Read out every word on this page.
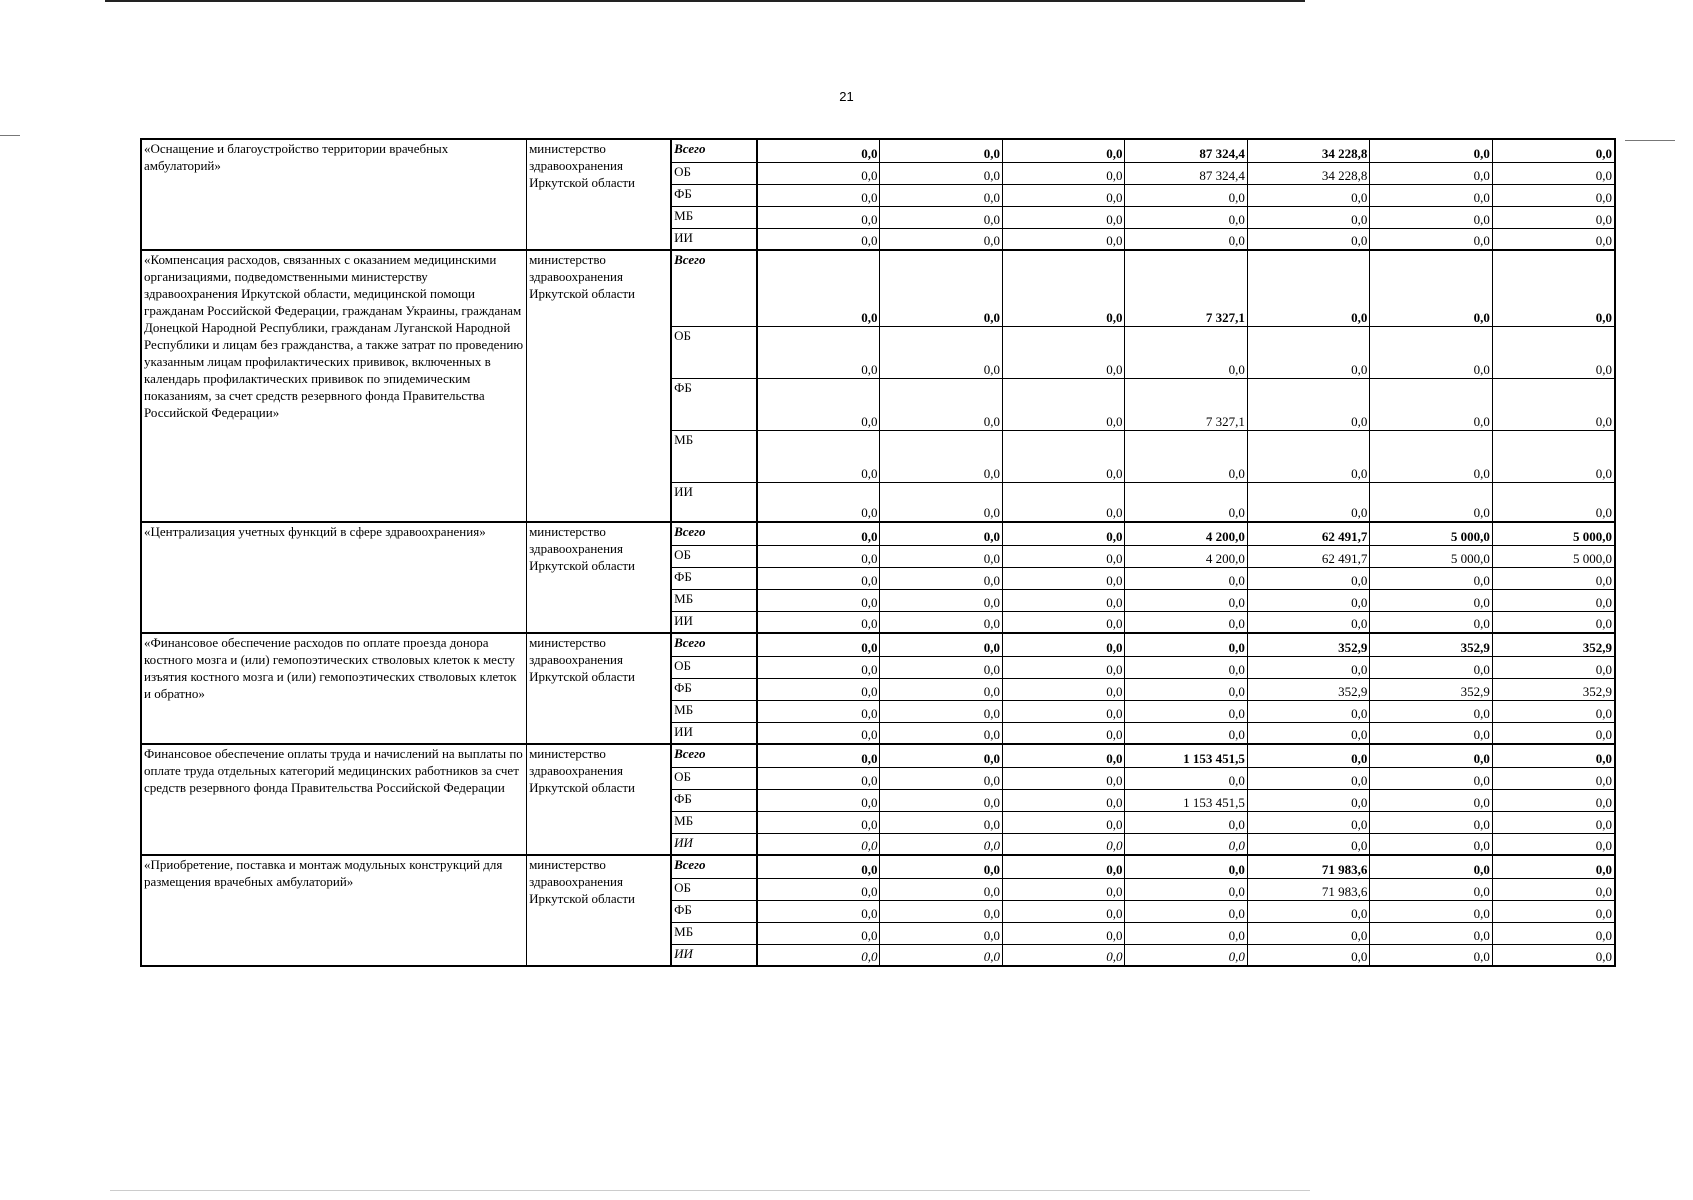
21
«Оснащение и благоустройство территории врачебных амбулаторий»	министерство здравоохранения Иркутской области	Всего	0,0	0,0	0,0	87 324,4	34 228,8	0,0	0,0
		ОБ	0,0	0,0	0,0	87 324,4	34 228,8	0,0	0,0
		ФБ	0,0	0,0	0,0	0,0	0,0	0,0	0,0
		МБ	0,0	0,0	0,0	0,0	0,0	0,0	0,0
		ИИ	0,0	0,0	0,0	0,0	0,0	0,0	0,0
«Компенсация расходов, связанных с оказанием медицинскими организациями, подведомственными министерству здравоохранения Иркутской области, медицинской помощи гражданам Российской Федерации, гражданам Украины, гражданам Донецкой Народной Республики, гражданам Луганской Народной Республики и лицам без гражданства, а также затрат по проведению указанным лицам профилактических прививок, включенных в календарь профилактических прививок по эпидемическим показаниям, за счет средств резервного фонда Правительства Российской Федерации»	министерство здравоохранения Иркутской области	Всего	0,0	0,0	0,0	7 327,1	0,0	0,0	0,0
		ОБ	0,0	0,0	0,0	0,0	0,0	0,0	0,0
		ФБ	0,0	0,0	0,0	7 327,1	0,0	0,0	0,0
		МБ	0,0	0,0	0,0	0,0	0,0	0,0	0,0
		ИИ	0,0	0,0	0,0	0,0	0,0	0,0	0,0
«Централизация учетных функций в сфере здравоохранения»	министерство здравоохранения Иркутской области	Всего	0,0	0,0	0,0	4 200,0	62 491,7	5 000,0	5 000,0
		ОБ	0,0	0,0	0,0	4 200,0	62 491,7	5 000,0	5 000,0
		ФБ	0,0	0,0	0,0	0,0	0,0	0,0	0,0
		МБ	0,0	0,0	0,0	0,0	0,0	0,0	0,0
		ИИ	0,0	0,0	0,0	0,0	0,0	0,0	0,0
«Финансовое обеспечение расходов по оплате проезда донора костного мозга и (или) гемопоэтических стволовых клеток к месту изъятия костного мозга и (или) гемопоэтических стволовых клеток и обратно»	министерство здравоохранения Иркутской области	Всего	0,0	0,0	0,0	0,0	352,9	352,9	352,9
		ОБ	0,0	0,0	0,0	0,0	0,0	0,0	0,0
		ФБ	0,0	0,0	0,0	0,0	352,9	352,9	352,9
		МБ	0,0	0,0	0,0	0,0	0,0	0,0	0,0
		ИИ	0,0	0,0	0,0	0,0	0,0	0,0	0,0
Финансовое обеспечение оплаты труда и начислений на выплаты по оплате труда отдельных категорий медицинских работников за счет средств резервного фонда Правительства Российской Федерации	министерство здравоохранения Иркутской области	Всего	0,0	0,0	0,0	1 153 451,5	0,0	0,0	0,0
		ОБ	0,0	0,0	0,0	0,0	0,0	0,0	0,0
		ФБ	0,0	0,0	0,0	1 153 451,5	0,0	0,0	0,0
		МБ	0,0	0,0	0,0	0,0	0,0	0,0	0,0
		ИИ	0,0	0,0	0,0	0,0	0,0	0,0	0,0
«Приобретение, поставка и монтаж модульных конструкций для размещения врачебных амбулаторий»	министерство здравоохранения Иркутской области	Всего	0,0	0,0	0,0	0,0	71 983,6	0,0	0,0
		ОБ	0,0	0,0	0,0	0,0	71 983,6	0,0	0,0
		ФБ	0,0	0,0	0,0	0,0	0,0	0,0	0,0
		МБ	0,0	0,0	0,0	0,0	0,0	0,0	0,0
		ИИ	0,0	0,0	0,0	0,0	0,0	0,0	0,0
